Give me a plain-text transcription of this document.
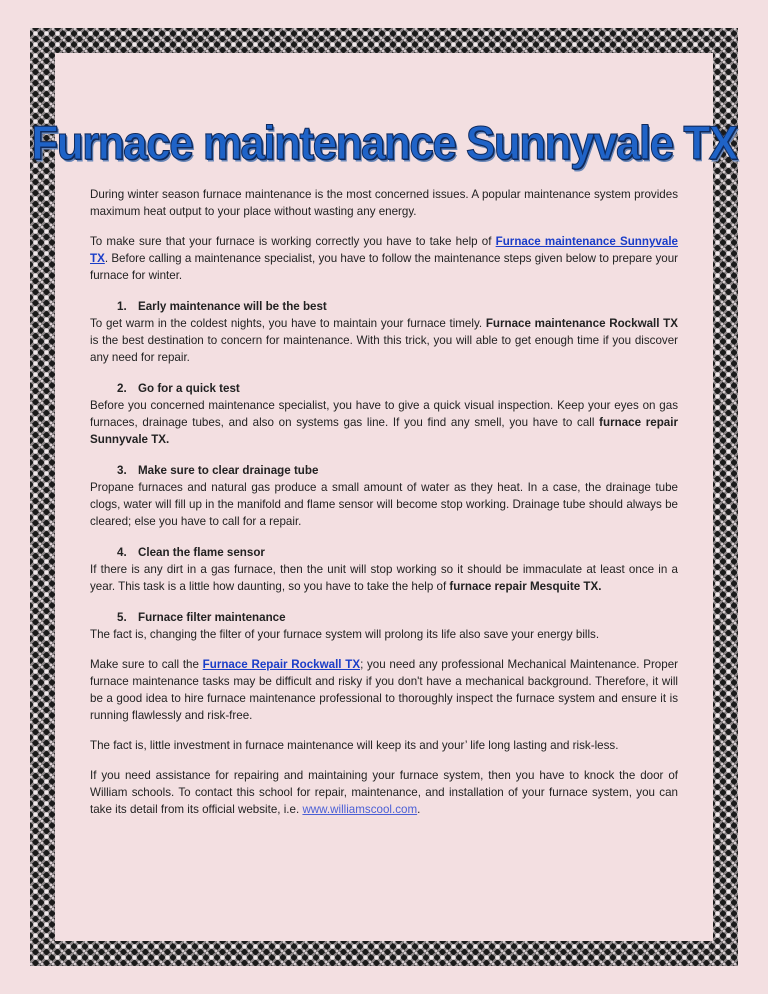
Furnace maintenance Sunnyvale TX

During winter season furnace maintenance is the most concerned issues. A popular maintenance system provides maximum heat output to your place without wasting any energy.

To make sure that your furnace is working correctly you have to take help of Furnace maintenance Sunnyvale TX. Before calling a maintenance specialist, you have to follow the maintenance steps given below to prepare your furnace for winter.

1. Early maintenance will be the best

To get warm in the coldest nights, you have to maintain your furnace timely. Furnace maintenance Rockwall TX is the best destination to concern for maintenance. With this trick, you will able to get enough time if you discover any need for repair.

2. Go for a quick test

Before you concerned maintenance specialist, you have to give a quick visual inspection. Keep your eyes on gas furnaces, drainage tubes, and also on systems gas line. If you find any smell, you have to call furnace repair Sunnyvale TX.

3. Make sure to clear drainage tube

Propane furnaces and natural gas produce a small amount of water as they heat. In a case, the drainage tube clogs, water will fill up in the manifold and flame sensor will become stop working. Drainage tube should always be cleared; else you have to call for a repair.

4. Clean the flame sensor

If there is any dirt in a gas furnace, then the unit will stop working so it should be immaculate at least once in a year. This task is a little how daunting, so you have to take the help of furnace repair Mesquite TX.

5. Furnace filter maintenance

The fact is, changing the filter of your furnace system will prolong its life also save your energy bills.

Make sure to call the Furnace Repair Rockwall TX; you need any professional Mechanical Maintenance. Proper furnace maintenance tasks may be difficult and risky if you don't have a mechanical background. Therefore, it will be a good idea to hire furnace maintenance professional to thoroughly inspect the furnace system and ensure it is running flawlessly and risk-free.

The fact is, little investment in furnace maintenance will keep its and your’ life long lasting and risk-less.

If you need assistance for repairing and maintaining your furnace system, then you have to knock the door of William schools. To contact this school for repair, maintenance, and installation of your furnace system, you can take its detail from its official website, i.e. www.williamscool.com.
